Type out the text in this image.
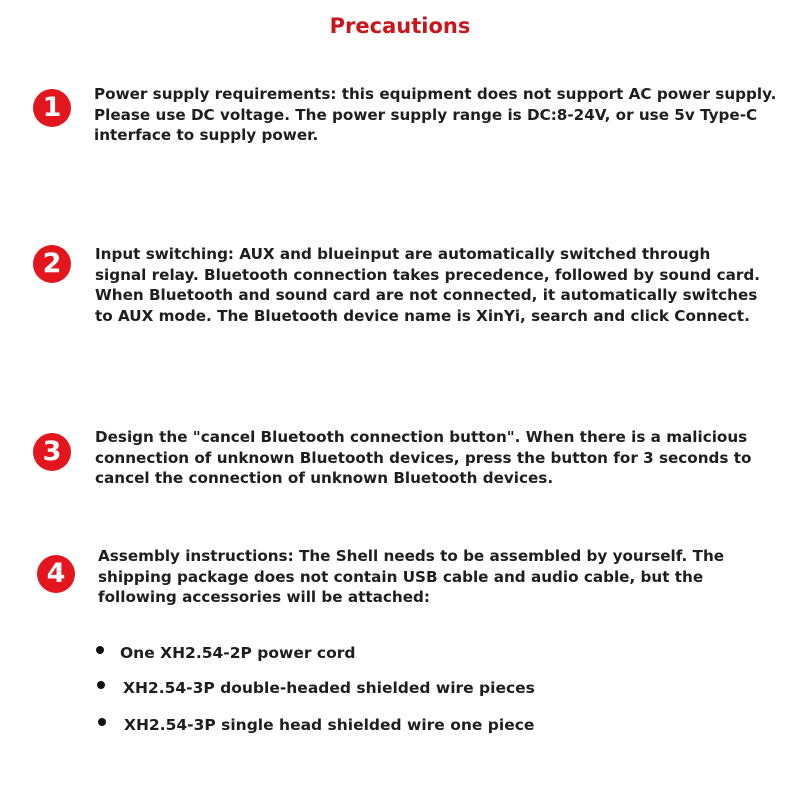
Precautions
1	Power supply requirements: this equipment does not support AC power supply.
Please use DC voltage. The power supply range is DC:8-24V, or use 5v Type-C
interface to supply power.

2	Input switching: AUX and blueinput are automatically switched through
signal relay. Bluetooth connection takes precedence, followed by sound card.
When Bluetooth and sound card are not connected, it automatically switches
to AUX mode. The Bluetooth device name is XinYi, search and click Connect.

3	Design the "cancel Bluetooth connection button". When there is a malicious
connection of unknown Bluetooth devices, press the button for 3 seconds to
cancel the connection of unknown Bluetooth devices.

4

Assembly instructions: The Shell needs to be assembled by yourself. The
shipping package does not contain USB cable and audio cable, but the
following accessories will be attached:

One XH2.54-2P power cord
XH2.54-3P double-headed shielded wire pieces
XH2.54-3P single head shielded wire one piece
